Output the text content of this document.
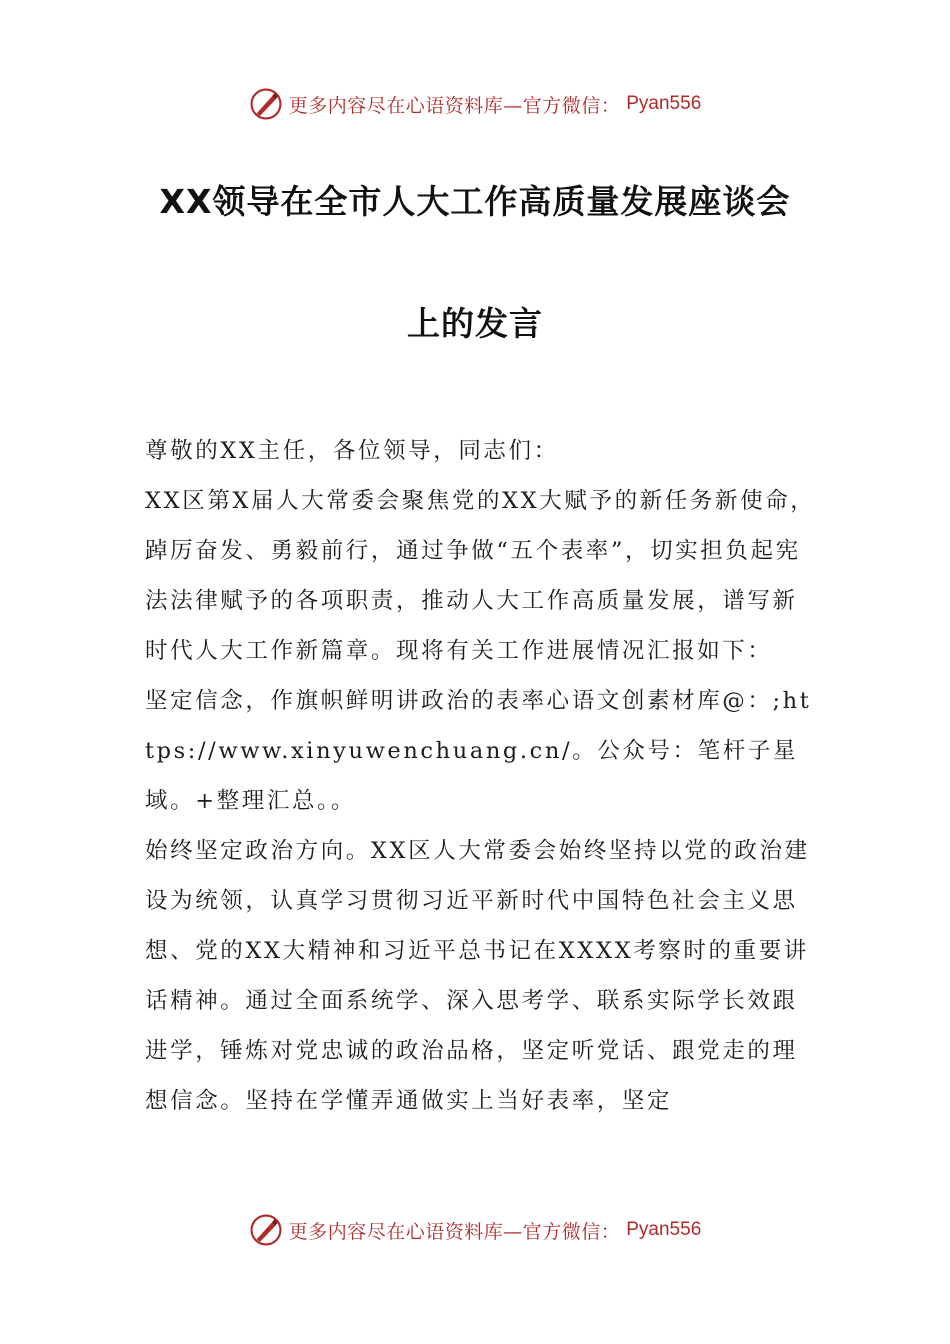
更多内容尽在心语资料库—官方微信： Pyan556
XX领导在全市人大工作高质量发展座谈会
上的发言

尊敬的XX主任，各位领导，同志们：

XX区第X届人大常委会聚焦党的XX大赋予的新任务新使命，踔厉奋发、勇毅前行，通过争做“五个表率”，切实担负起宪法法律赋予的各项职责，推动人大工作高质量发展，谱写新时代人大工作新篇章。现将有关工作进展情况汇报如下：

坚定信念，作旗帜鲜明讲政治的表率心语文创素材库@：;https://www.xinyuwenchuang.cn/。公众号：笔杆子星域。+整理汇总。。

始终坚定政治方向。XX区人大常委会始终坚持以党的政治建设为统领，认真学习贯彻习近平新时代中国特色社会主义思想、党的XX大精神和习近平总书记在XXXX考察时的重要讲话精神。通过全面系统学、深入思考学、联系实际学长效跟进学，锤炼对党忠诚的政治品格，坚定听党话、跟党走的理想信念。坚持在学懂弄通做实上当好表率，坚定

更多内容尽在心语资料库—官方微信： Pyan556
